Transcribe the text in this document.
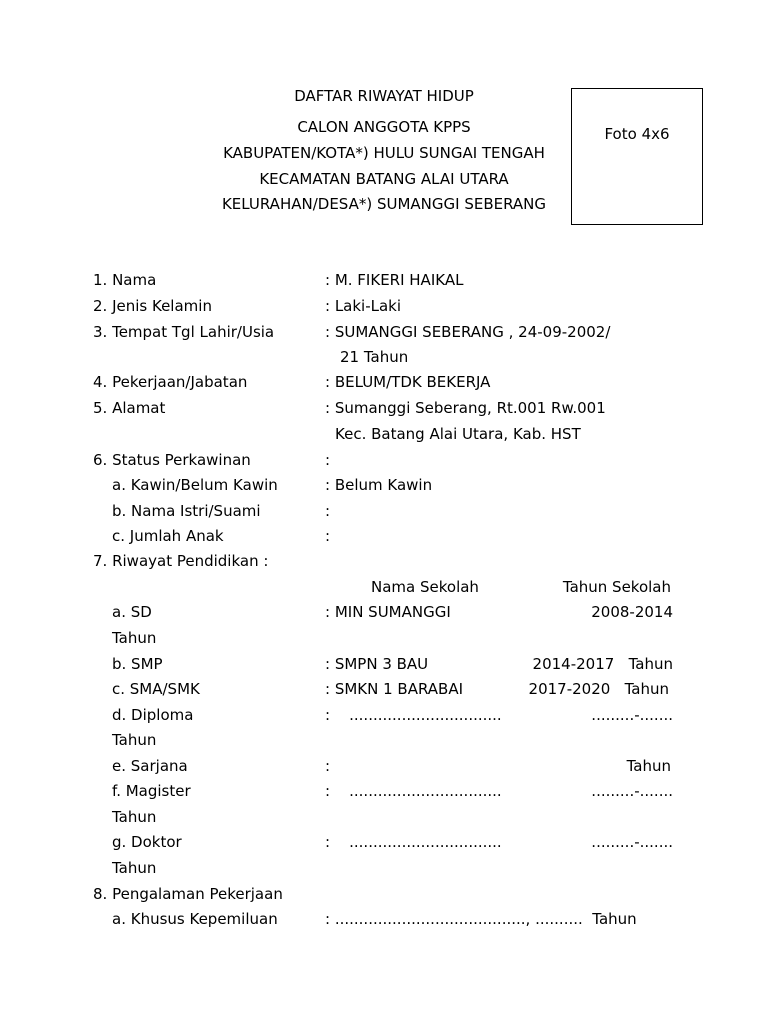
DAFTAR RIWAYAT HIDUP
CALON ANGGOTA KPPS
KABUPATEN/KOTA*) HULU SUNGAI TENGAH
KECAMATAN BATANG ALAI UTARA
KELURAHAN/DESA*) SUMANGGI SEBERANG
Foto 4x6
1. Nama	: M. FIKERI HAIKAL
2. Jenis Kelamin	: Laki-Laki
3. Tempat Tgl Lahir/Usia	: SUMANGGI SEBERANG , 24-09-2002/
21 Tahun
4. Pekerjaan/Jabatan	: BELUM/TDK BEKERJA
5. Alamat	: Sumanggi Seberang, Rt.001 Rw.001
Kec. Batang Alai Utara, Kab. HST
6. Status Perkawinan	:
a. Kawin/Belum Kawin	: Belum Kawin
b. Nama Istri/Suami	:
c. Jumlah Anak	:
7. Riwayat Pendidikan :
Nama Sekolah	Tahun Sekolah
a. SD	: MIN SUMANGGI	2008-2014
Tahun
b. SMP	: SMPN 3 BAU	2014-2017   Tahun
c. SMA/SMK	: SMKN 1 BARABAI	2017-2020   Tahun
d. Diploma	:    ................................	.........-.......
Tahun
e. Sarjana	:	Tahun
f. Magister	:    ................................	.........-.......
Tahun
g. Doktor	:    ................................	.........-.......
Tahun
8. Pengalaman Pekerjaan
a. Khusus Kepemiluan	: ........................................, ..........  Tahun
